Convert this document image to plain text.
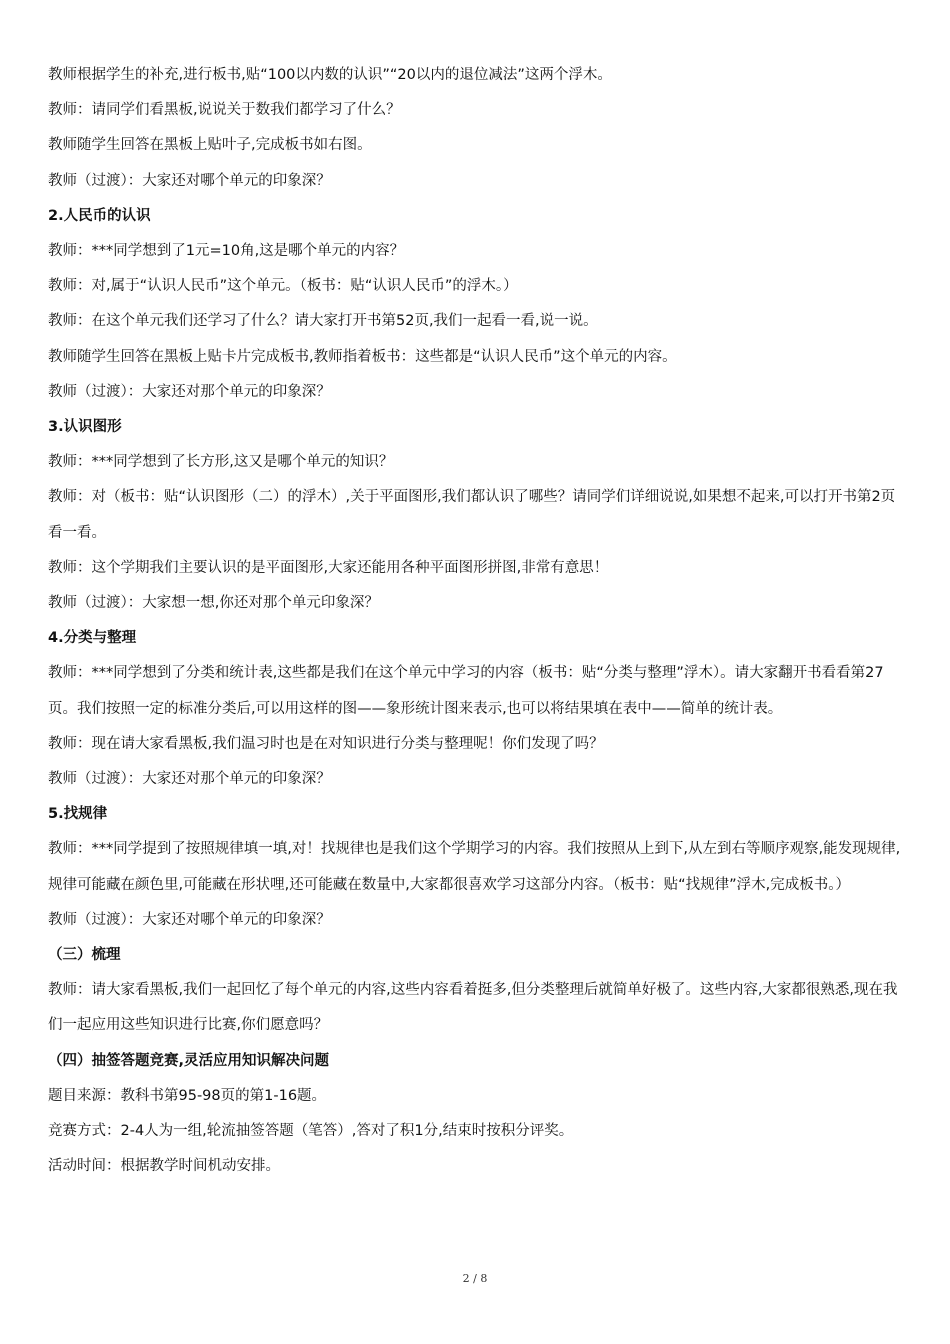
教师根据学生的补充,进行板书,贴“100以内数的认识”“20以内的退位减法”这两个浮木。

教师：请同学们看黑板,说说关于数我们都学习了什么？

教师随学生回答在黑板上贴叶子,完成板书如右图。

教师（过渡）：大家还对哪个单元的印象深？

2.人民币的认识

教师：***同学想到了1元=10角,这是哪个单元的内容？

教师：对,属于“认识人民币”这个单元。（板书：贴“认识人民币”的浮木。）

教师：在这个单元我们还学习了什么？请大家打开书第52页,我们一起看一看,说一说。

教师随学生回答在黑板上贴卡片完成板书,教师指着板书：这些都是“认识人民币”这个单元的内容。

教师（过渡）：大家还对那个单元的印象深？

3.认识图形

教师：***同学想到了长方形,这又是哪个单元的知识？

教师：对（板书：贴“认识图形（二）的浮木）,关于平面图形,我们都认识了哪些？请同学们详细说说,如果想不起来,可以打开书第2页看一看。

教师：这个学期我们主要认识的是平面图形,大家还能用各种平面图形拼图,非常有意思！

教师（过渡）：大家想一想,你还对那个单元印象深？

4.分类与整理

教师：***同学想到了分类和统计表,这些都是我们在这个单元中学习的内容（板书：贴“分类与整理”浮木）。请大家翻开书看看第27页。我们按照一定的标准分类后,可以用这样的图——象形统计图来表示,也可以将结果填在表中——简单的统计表。

教师：现在请大家看黑板,我们温习时也是在对知识进行分类与整理呢！你们发现了吗？

教师（过渡）：大家还对那个单元的印象深？

5.找规律

教师：***同学提到了按照规律填一填,对！找规律也是我们这个学期学习的内容。我们按照从上到下,从左到右等顺序观察,能发现规律,规律可能藏在颜色里,可能藏在形状哩,还可能藏在数量中,大家都很喜欢学习这部分内容。（板书：贴“找规律”浮木,完成板书。）

教师（过渡）：大家还对哪个单元的印象深？

（三）梳理

教师：请大家看黑板,我们一起回忆了每个单元的内容,这些内容看着挺多,但分类整理后就简单好极了。这些内容,大家都很熟悉,现在我们一起应用这些知识进行比赛,你们愿意吗？

（四）抽签答题竞赛,灵活应用知识解决问题

题目来源：教科书第95-98页的第1-16题。

竞赛方式：2-4人为一组,轮流抽签答题（笔答）,答对了积1分,结束时按积分评奖。

活动时间：根据教学时间机动安排。

2 / 8
